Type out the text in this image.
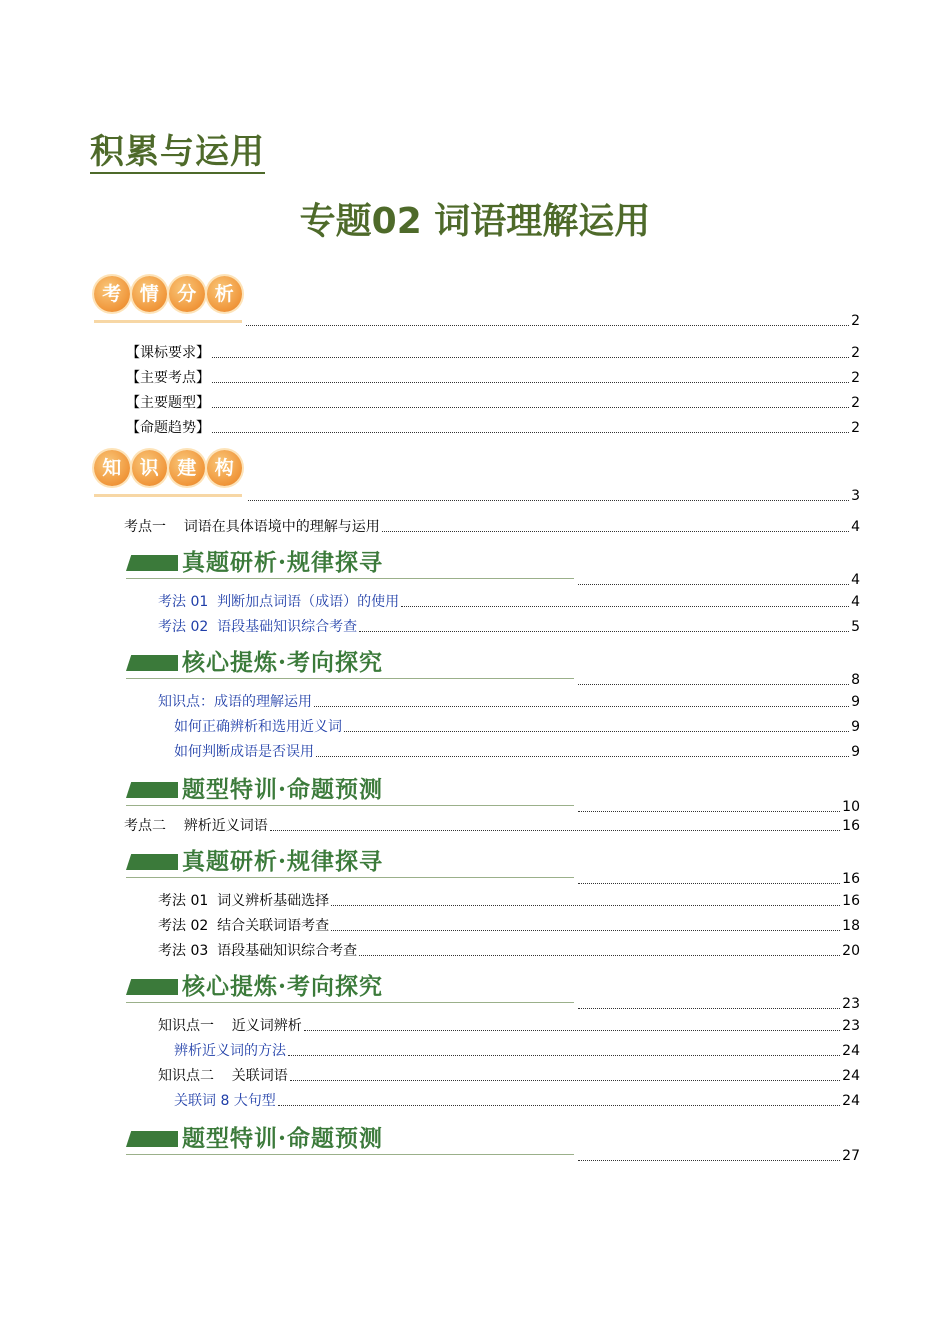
积累与运用
专题02 词语理解运用
考 情 分 析
2
【课标要求】	2
【主要考点】	2
【主要题型】	2
【命题趋势】	2
知 识 建 构
3
考点一    词语在具体语境中的理解与运用	4
真题研析·规律探寻
4
考法 01  判断加点词语（成语）的使用	4
考法 02  语段基础知识综合考查	5
核心提炼·考向探究
8
知识点：成语的理解运用	9
如何正确辨析和选用近义词	9
如何判断成语是否误用	9
题型特训·命题预测
10
考点二    辨析近义词语	16
真题研析·规律探寻
16
考法 01  词义辨析基础选择	16
考法 02  结合关联词语考查	18
考法 03  语段基础知识综合考查	20
核心提炼·考向探究
23
知识点一    近义词辨析	23
辨析近义词的方法	24
知识点二    关联词语	24
关联词 8 大句型	24
题型特训·命题预测
27
